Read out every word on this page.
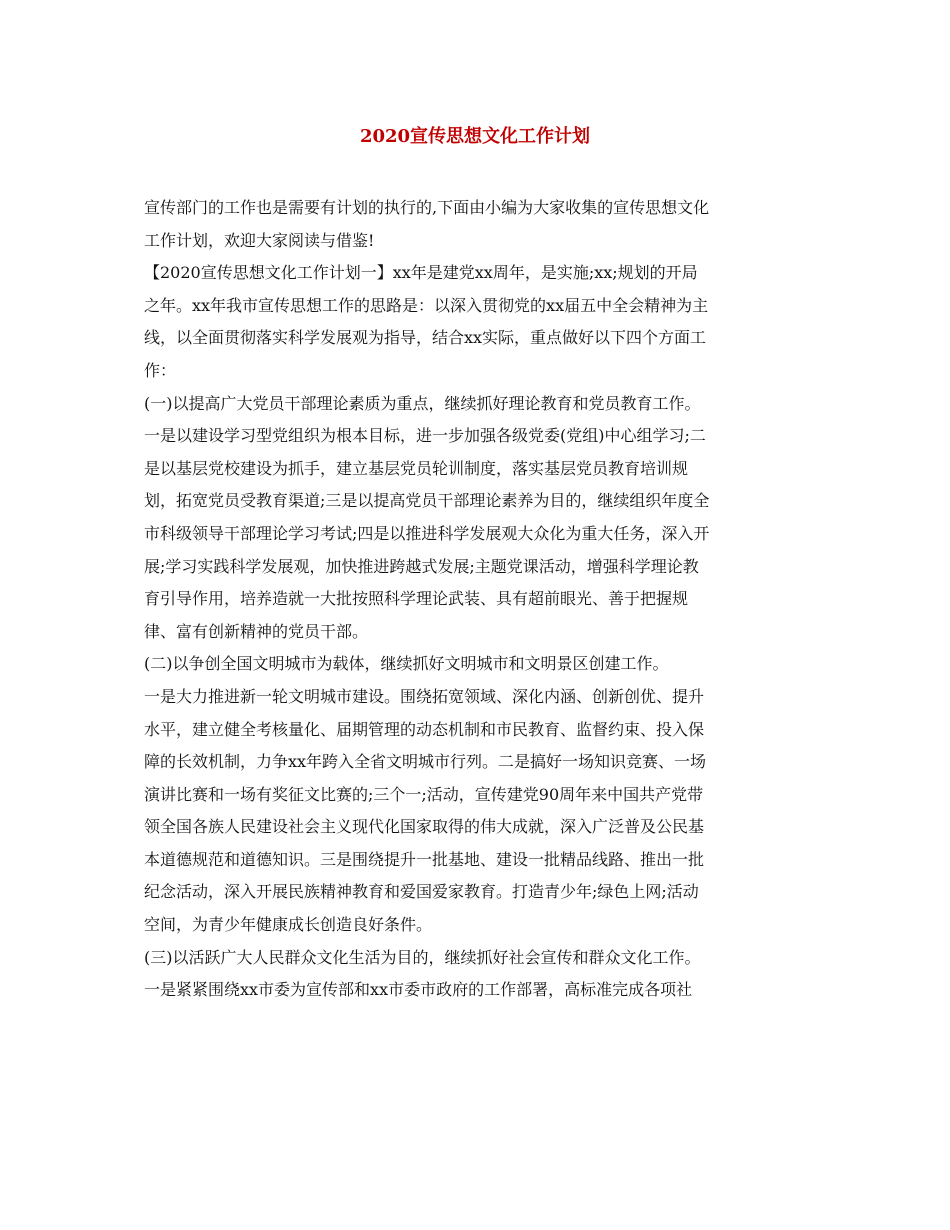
2020宣传思想文化工作计划
宣传部门的工作也是需要有计划的执行的,下面由小编为大家收集的宣传思想文化
工作计划，欢迎大家阅读与借鉴!
【2020宣传思想文化工作计划一】xx年是建党xx周年，是实施;xx;规划的开局
之年。xx年我市宣传思想工作的思路是：以深入贯彻党的xx届五中全会精神为主
线，以全面贯彻落实科学发展观为指导，结合xx实际，重点做好以下四个方面工
作：
(一)以提高广大党员干部理论素质为重点，继续抓好理论教育和党员教育工作。
一是以建设学习型党组织为根本目标，进一步加强各级党委(党组)中心组学习;二
是以基层党校建设为抓手，建立基层党员轮训制度，落实基层党员教育培训规
划，拓宽党员受教育渠道;三是以提高党员干部理论素养为目的，继续组织年度全
市科级领导干部理论学习考试;四是以推进科学发展观大众化为重大任务，深入开
展;学习实践科学发展观，加快推进跨越式发展;主题党课活动，增强科学理论教
育引导作用，培养造就一大批按照科学理论武装、具有超前眼光、善于把握规
律、富有创新精神的党员干部。
(二)以争创全国文明城市为载体，继续抓好文明城市和文明景区创建工作。
一是大力推进新一轮文明城市建设。围绕拓宽领域、深化内涵、创新创优、提升
水平，建立健全考核量化、届期管理的动态机制和市民教育、监督约束、投入保
障的长效机制，力争xx年跨入全省文明城市行列。二是搞好一场知识竞赛、一场
演讲比赛和一场有奖征文比赛的;三个一;活动，宣传建党90周年来中国共产党带
领全国各族人民建设社会主义现代化国家取得的伟大成就，深入广泛普及公民基
本道德规范和道德知识。三是围绕提升一批基地、建设一批精品线路、推出一批
纪念活动，深入开展民族精神教育和爱国爱家教育。打造青少年;绿色上网;活动
空间，为青少年健康成长创造良好条件。
(三)以活跃广大人民群众文化生活为目的，继续抓好社会宣传和群众文化工作。
一是紧紧围绕xx市委为宣传部和xx市委市政府的工作部署，高标准完成各项社
